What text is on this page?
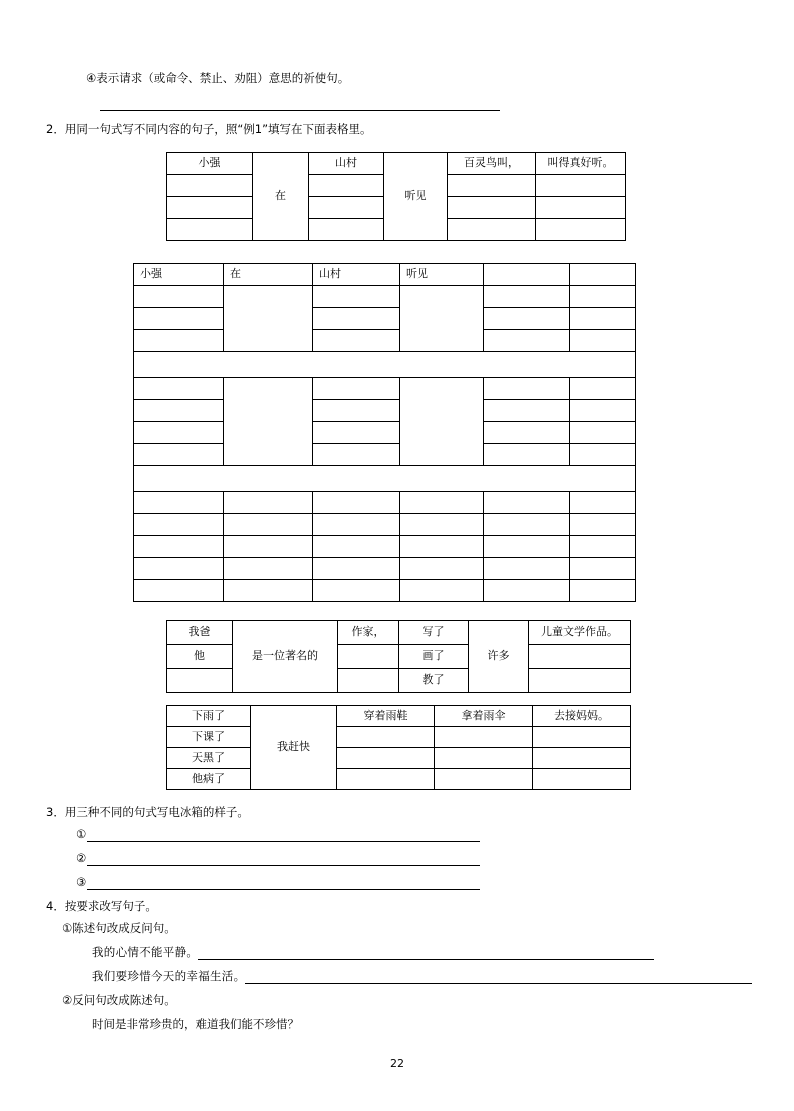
④表示请求（或命令、禁止、劝阻）意思的祈使句。
2．用同一句式写不同内容的句子，照“例1”填写在下面表格里。
小强	在	山村	听见	百灵鸟叫，	叫得真好听。

小强	在	山村	听见		

我爸	是一位著名的	作家，	写了	许多	儿童文学作品。
他			画了		
			教了		
下雨了	我赶快	穿着雨鞋	拿着雨伞	去接妈妈。
下课了				
天黑了				
他病了				
3．用三种不同的句式写电冰箱的样子。
①
②
③
4．按要求改写句子。
①陈述句改成反问句。
我的心情不能平静。
我们要珍惜今天的幸福生活。
②反问句改成陈述句。
时间是非常珍贵的，难道我们能不珍惜？
22
